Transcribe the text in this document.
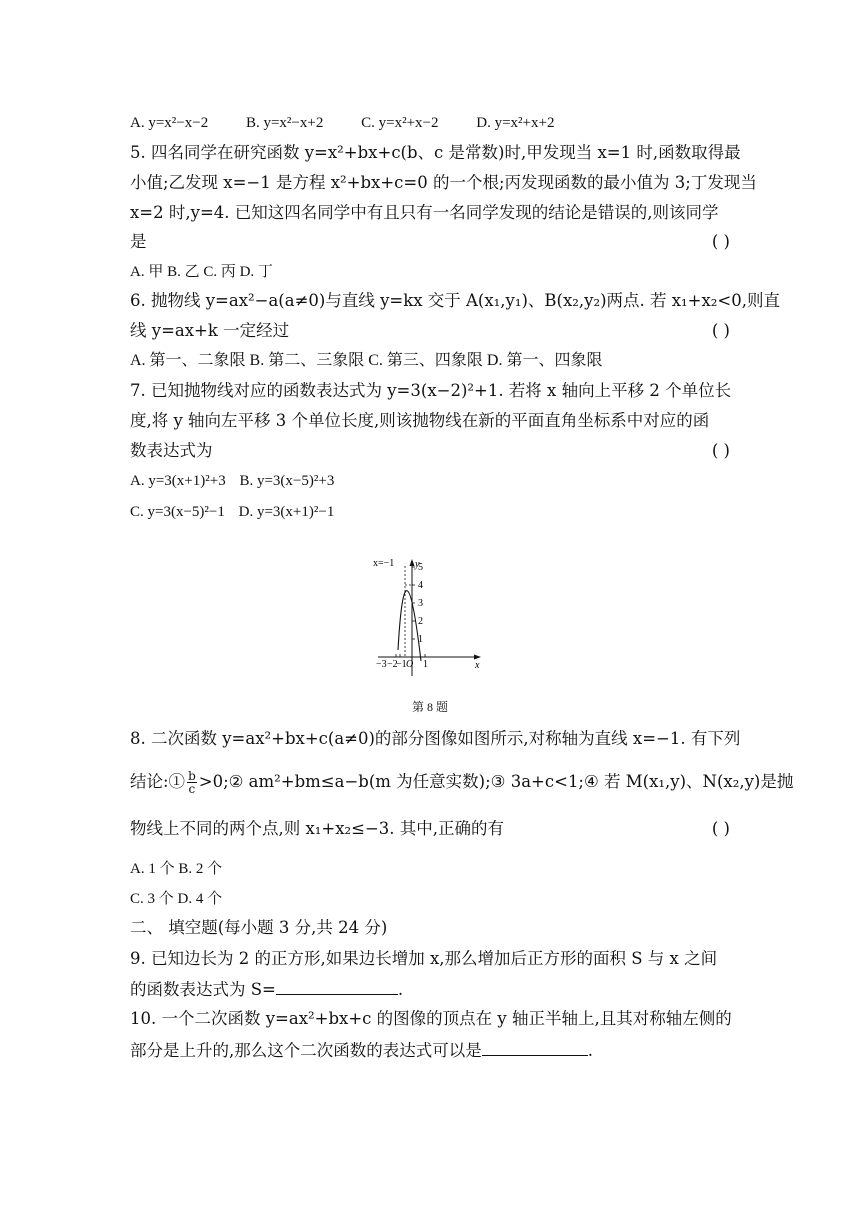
A. y=x²−x−2	B. y=x²−x+2	C. y=x²+x−2	D. y=x²+x+2
5. 四名同学在研究函数 y=x²+bx+c(b、c 是常数)时,甲发现当 x=1 时,函数取得最
小值;乙发现 x=−1 是方程 x²+bx+c=0 的一个根;丙发现函数的最小值为 3;丁发现当
x=2 时,y=4. 已知这四名同学中有且只有一名同学发现的结论是错误的,则该同学
是	( )
A. 甲 B. 乙 C. 丙 D. 丁
6. 抛物线 y=ax²−a(a≠0)与直线 y=kx 交于 A(x₁,y₁)、B(x₂,y₂)两点. 若 x₁+x₂<0,则直
线 y=ax+k 一定经过	( )
A. 第一、二象限 B. 第二、三象限 C. 第三、四象限 D. 第一、四象限
7. 已知抛物线对应的函数表达式为 y=3(x−2)²+1. 若将 x 轴向上平移 2 个单位长
度,将 y 轴向左平移 3 个单位长度,则该抛物线在新的平面直角坐标系中对应的函
数表达式为	( )
A. y=3(x+1)²+3 B. y=3(x−5)²+3
C. y=3(x−5)²−1 D. y=3(x+1)²−1
x=−1 y
x
1
2
3
4
5
−3 −2
−1 O 1
第 8 题
8. 二次函数 y=ax²+bx+c(a≠0)的部分图像如图所示,对称轴为直线 x=−1. 有下列
结论:① $\frac{b}{c}$ >0;② am²+bm≤a−b(m 为任意实数);③ 3a+c<1;④ 若 M(x₁,y)、N(x₂,y)是抛
物线上不同的两个点,则 x₁+x₂≤−3. 其中,正确的有	( )
A. 1 个 B. 2 个
C. 3 个 D. 4 个
二、 填空题(每小题 3 分,共 24 分)
9. 已知边长为 2 的正方形,如果边长增加 x,那么增加后正方形的面积 S 与 x 之间
的函数表达式为 S=	.
10. 一个二次函数 y=ax²+bx+c 的图像的顶点在 y 轴正半轴上,且其对称轴左侧的
部分是上升的,那么这个二次函数的表达式可以是	.
